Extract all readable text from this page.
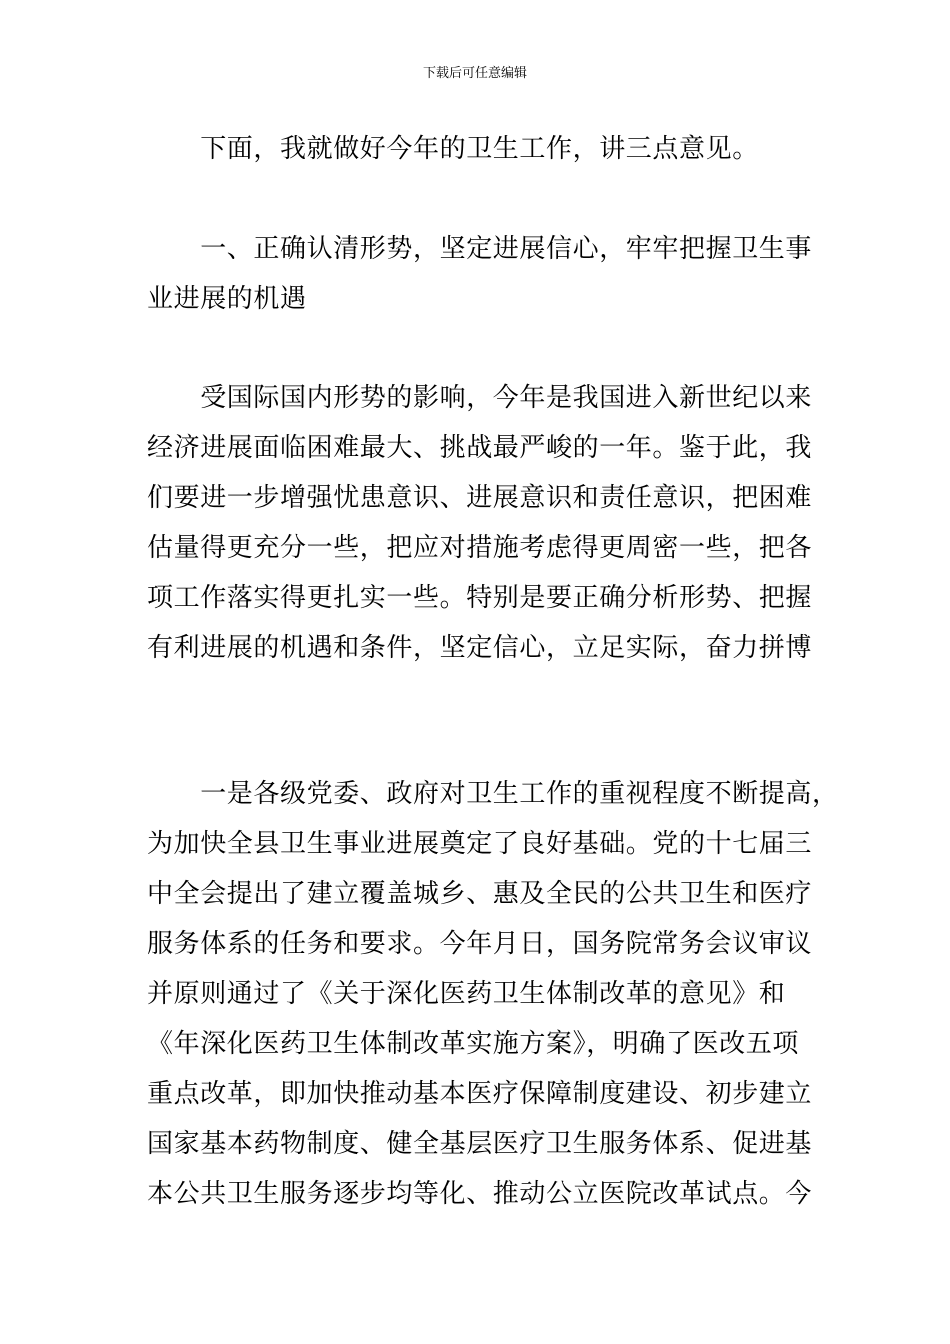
下载后可任意编辑
　　下面，我就做好今年的卫生工作，讲三点意见。
　　一、正确认清形势，坚定进展信心，牢牢把握卫生事
业进展的机遇
　　受国际国内形势的影响，今年是我国进入新世纪以来
经济进展面临困难最大、挑战最严峻的一年。鉴于此，我
们要进一步增强忧患意识、进展意识和责任意识，把困难
估量得更充分一些，把应对措施考虑得更周密一些，把各
项工作落实得更扎实一些。特别是要正确分析形势、把握
有利进展的机遇和条件，坚定信心，立足实际，奋力拼博
　　一是各级党委、政府对卫生工作的重视程度不断提高，
为加快全县卫生事业进展奠定了良好基础。党的十七届三
中全会提出了建立覆盖城乡、惠及全民的公共卫生和医疗
服务体系的任务和要求。今年月日，国务院常务会议审议
并原则通过了《关于深化医药卫生体制改革的意见》和
《年深化医药卫生体制改革实施方案》，明确了医改五项
重点改革，即加快推动基本医疗保障制度建设、初步建立
国家基本药物制度、健全基层医疗卫生服务体系、促进基
本公共卫生服务逐步均等化、推动公立医院改革试点。今
